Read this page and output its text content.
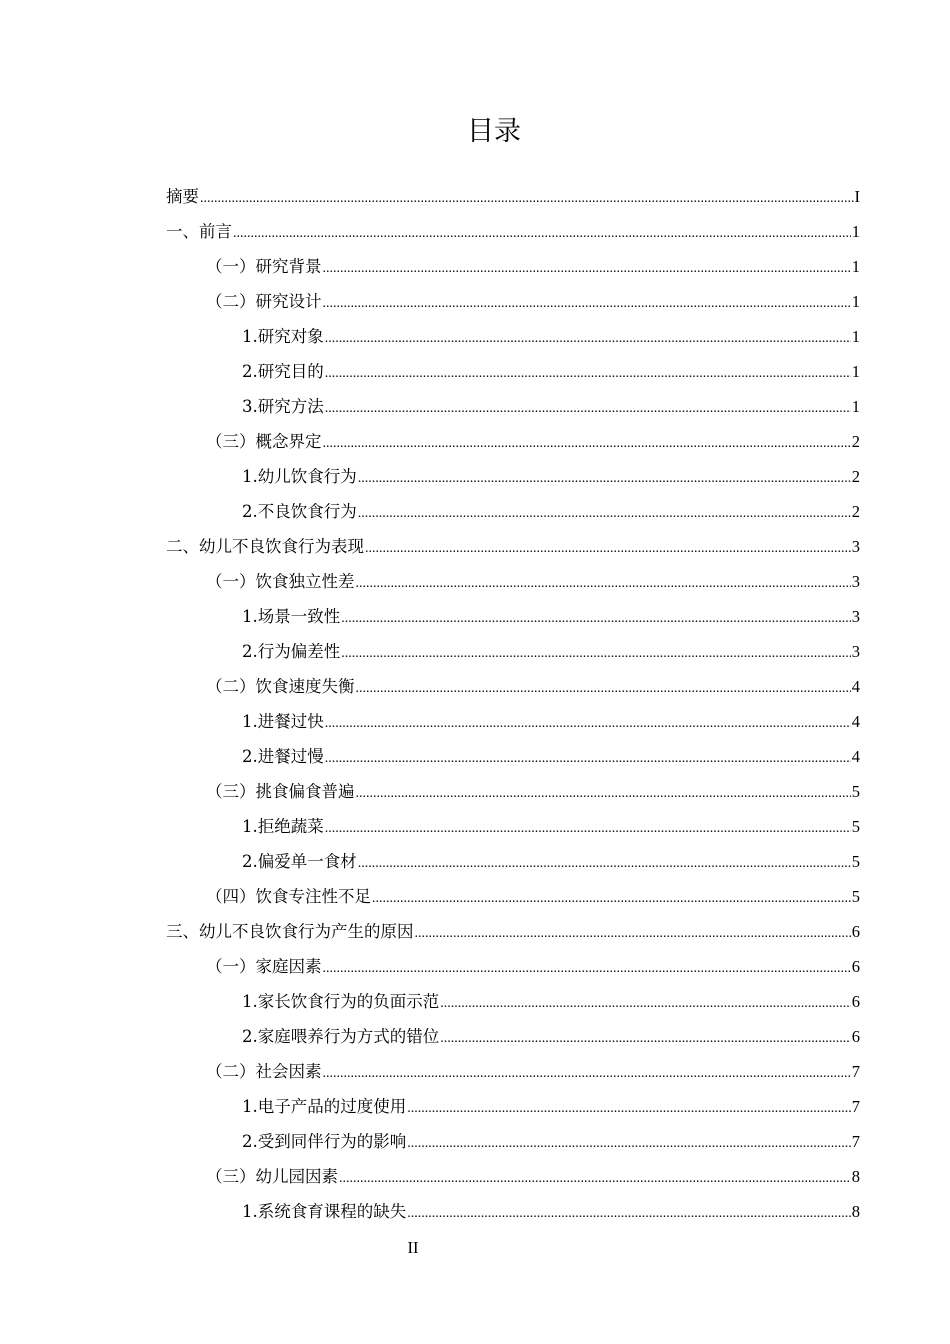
目录
摘要 .....	I
一、前言 .....	1
（一）研究背景 .....	1
（二）研究设计 .....	1
1.研究对象 .....	1
2.研究目的 .....	1
3.研究方法 .....	1
（三）概念界定 .....	2
1.幼儿饮食行为 .....	2
2.不良饮食行为 .....	2
二、幼儿不良饮食行为表现 .....	3
（一）饮食独立性差 .....	3
1.场景一致性 .....	3
2.行为偏差性 .....	3
（二）饮食速度失衡 .....	4
1.进餐过快 .....	4
2.进餐过慢 .....	4
（三）挑食偏食普遍 .....	5
1.拒绝蔬菜 .....	5
2.偏爱单一食材 .....	5
（四）饮食专注性不足 .....	5
三、幼儿不良饮食行为产生的原因 .....	6
（一）家庭因素 .....	6
1.家长饮食行为的负面示范 .....	6
2.家庭喂养行为方式的错位 .....	6
（二）社会因素 .....	7
1.电子产品的过度使用 .....	7
2.受到同伴行为的影响 .....	7
（三）幼儿园因素 .....	8
1.系统食育课程的缺失 .....	8
II
